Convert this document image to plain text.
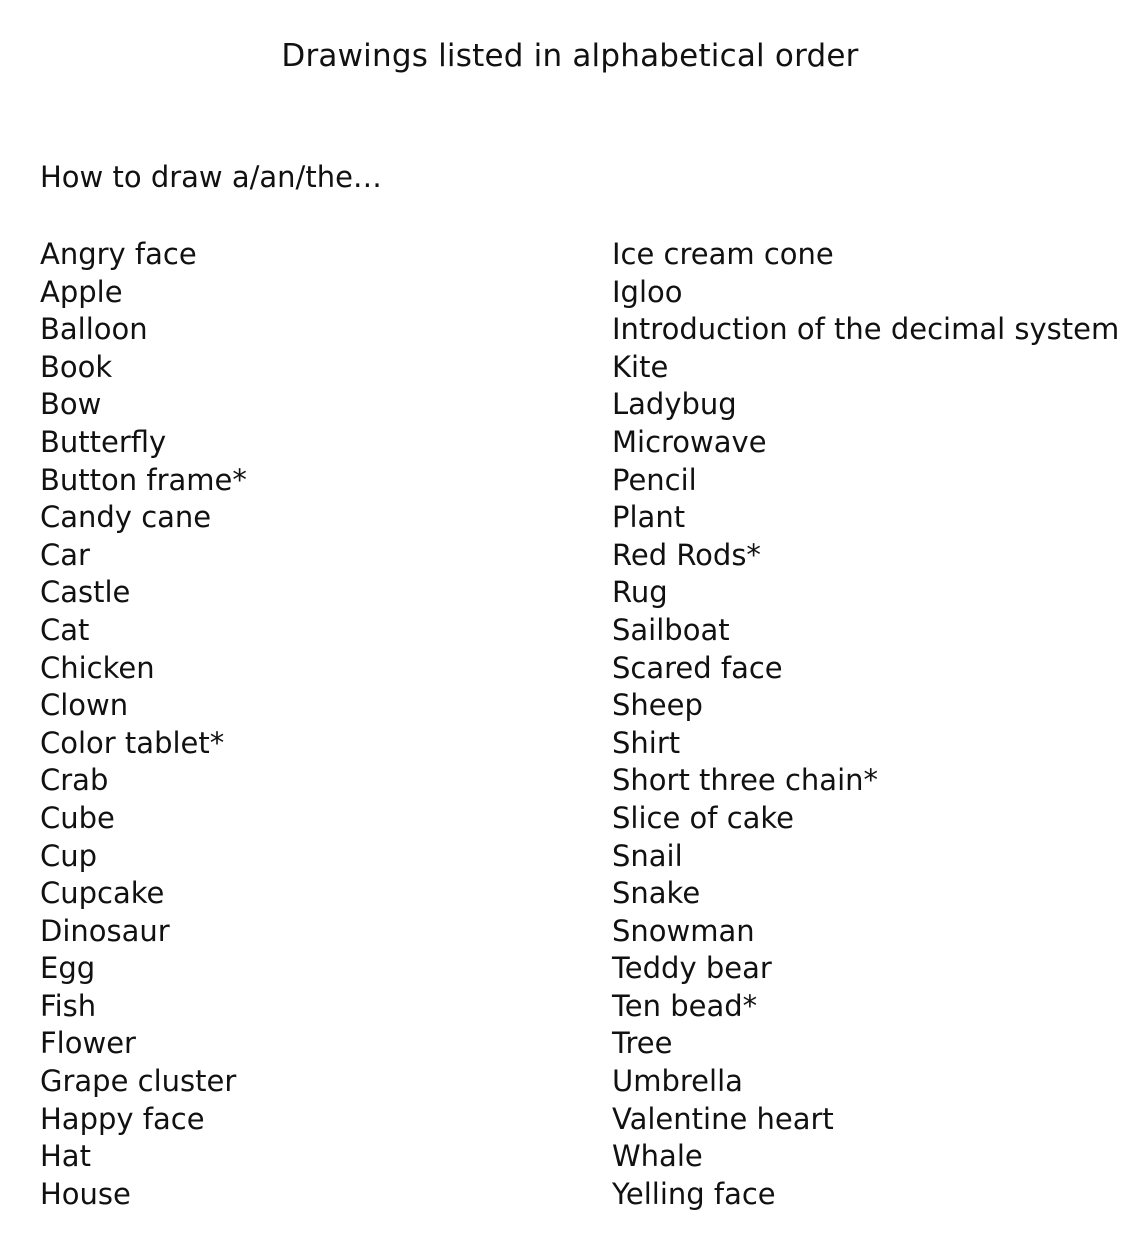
Drawings listed in alphabetical order

How to draw a/an/the…

Angry face
Apple
Balloon
Book
Bow
Butterfly
Button frame*
Candy cane
Car
Castle
Cat
Chicken
Clown
Color tablet*
Crab
Cube
Cup
Cupcake
Dinosaur
Egg
Fish
Flower
Grape cluster
Happy face
Hat
House
Ice cream cone
Igloo
Introduction of the decimal system
Kite
Ladybug
Microwave
Pencil
Plant
Red Rods*
Rug
Sailboat
Scared face
Sheep
Shirt
Short three chain*
Slice of cake
Snail
Snake
Snowman
Teddy bear
Ten bead*
Tree
Umbrella
Valentine heart
Whale
Yelling face
